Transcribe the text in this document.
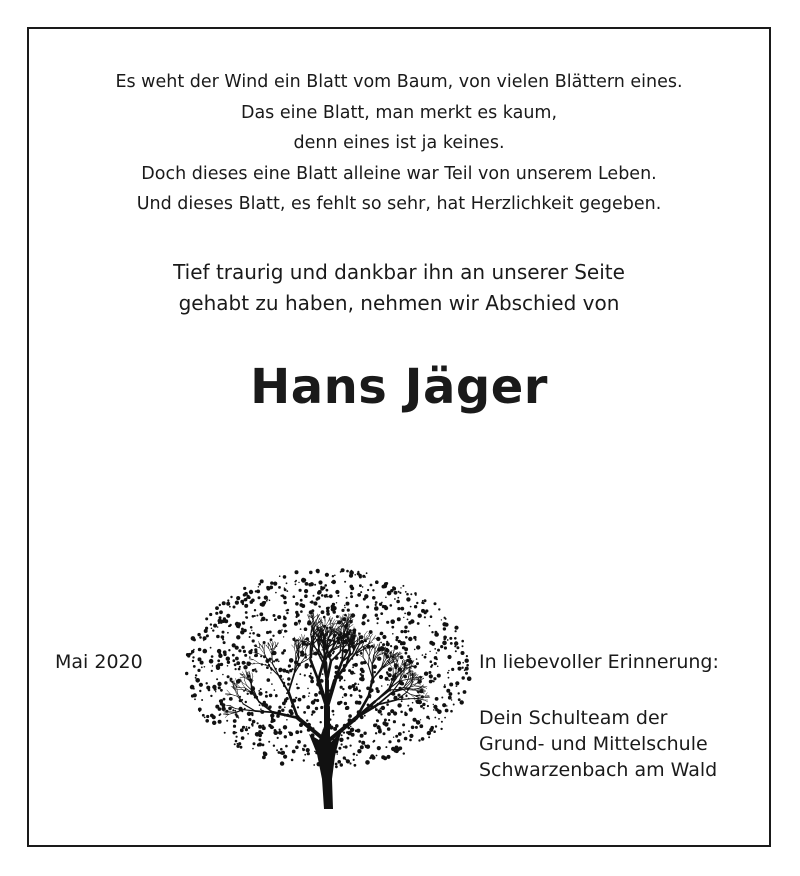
Es weht der Wind ein Blatt vom Baum, von vielen Blättern eines.
Das eine Blatt, man merkt es kaum,
denn eines ist ja keines.
Doch dieses eine Blatt alleine war Teil von unserem Leben.
Und dieses Blatt, es fehlt so sehr, hat Herzlichkeit gegeben.
Tief traurig und dankbar ihn an unserer Seite
gehabt zu haben, nehmen wir Abschied von
Hans Jäger
Mai 2020	In liebevoller Erinnerung:
Dein Schulteam der
Grund- und Mittelschule
Schwarzenbach am Wald
